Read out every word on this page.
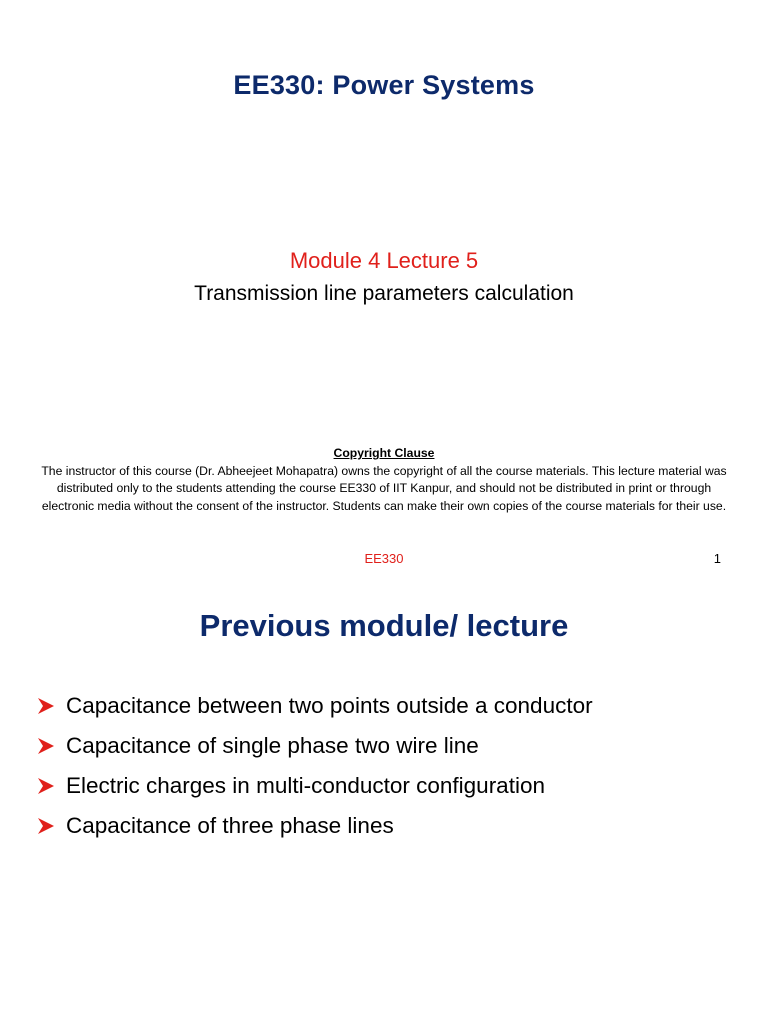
EE330: Power Systems
Module 4 Lecture 5
Transmission line parameters calculation
Copyright Clause
The instructor of this course (Dr. Abheejeet Mohapatra) owns the copyright of all the course materials. This lecture material was distributed only to the students attending the course EE330 of IIT Kanpur, and should not be distributed in print or through electronic media without the consent of the instructor. Students can make their own copies of the course materials for their use.
EE330	1
Previous module/ lecture
Capacitance between two points outside a conductor
Capacitance of single phase two wire line
Electric charges in multi-conductor configuration
Capacitance of three phase lines
